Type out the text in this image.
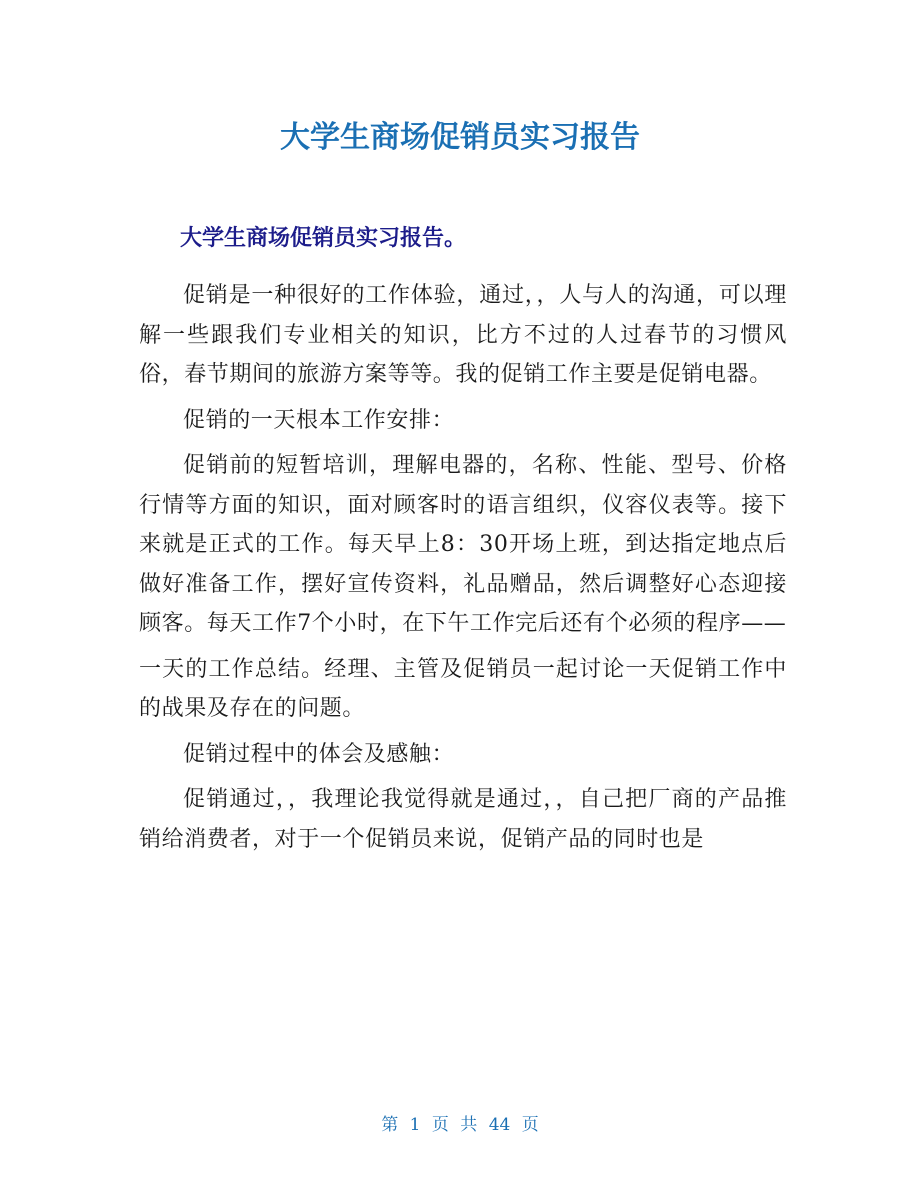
大学生商场促销员实习报告
大学生商场促销员实习报告。

促销是一种很好的工作体验，通过，，人与人的沟通，可以理解一些跟我们专业相关的知识，比方不过的人过春节的习惯风俗，春节期间的旅游方案等等。我的促销工作主要是促销电器。

促销的一天根本工作安排：

促销前的短暂培训，理解电器的，名称、性能、型号、价格行情等方面的知识，面对顾客时的语言组织，仪容仪表等。接下来就是正式的工作。每天早上8：30开场上班，到达指定地点后做好准备工作，摆好宣传资料，礼品赠品，然后调整好心态迎接顾客。每天工作7个小时，在下午工作完后还有个必须的程序——

一天的工作总结。经理、主管及促销员一起讨论一天促销工作中的战果及存在的问题。

促销过程中的体会及感触：

促销通过，，我理论我觉得就是通过，，自己把厂商的产品推销给消费者，对于一个促销员来说，促销产品的同时也是

第 1 页 共 44 页
